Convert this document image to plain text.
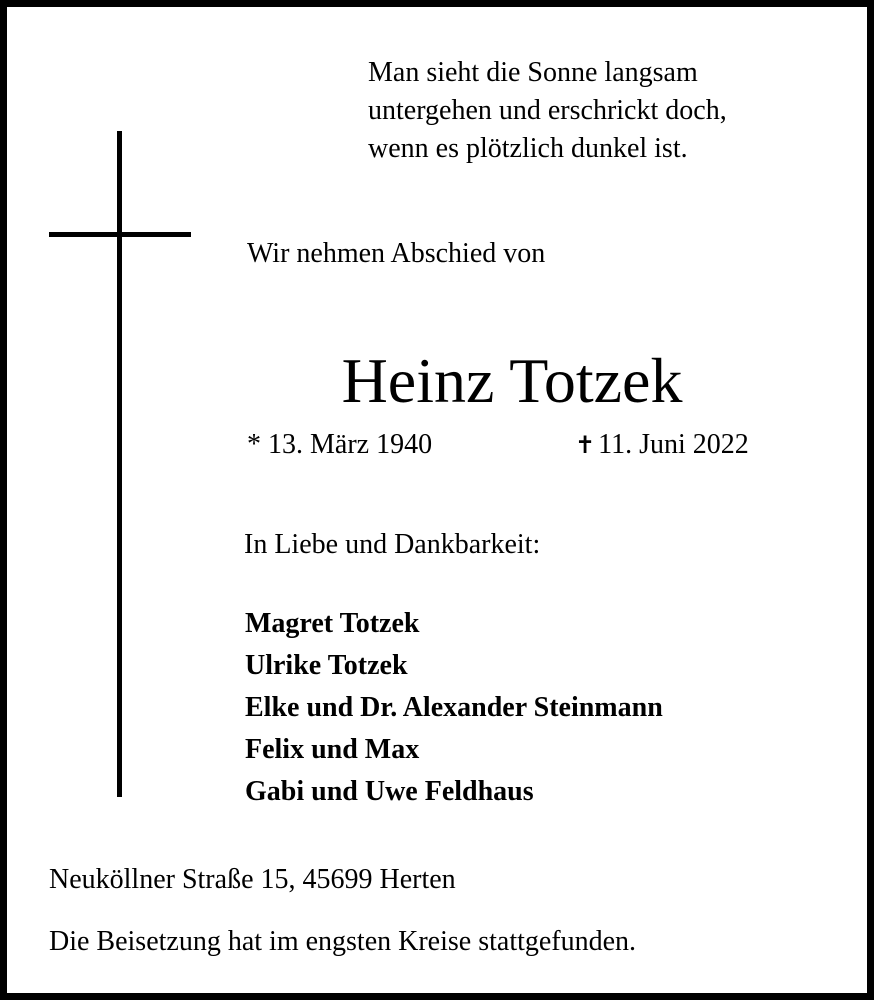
Man sieht die Sonne langsam
untergehen und erschrickt doch,
wenn es plötzlich dunkel ist.
Wir nehmen Abschied von
Heinz Totzek
* 13. März 1940	✝ 11. Juni 2022
In Liebe und Dankbarkeit:
Magret Totzek
Ulrike Totzek
Elke und Dr. Alexander Steinmann
Felix und Max
Gabi und Uwe Feldhaus
Neuköllner Straße 15, 45699 Herten
Die Beisetzung hat im engsten Kreise stattgefunden.
